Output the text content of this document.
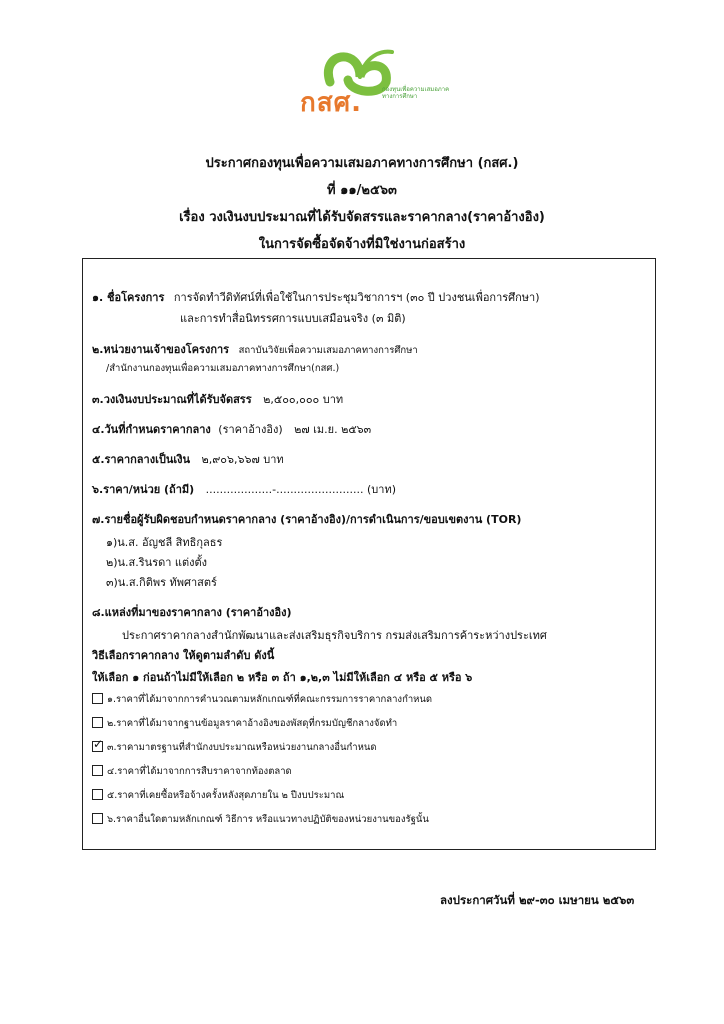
กสศ.	กองทุนเพื่อความเสมอภาคทางการศึกษา
ประกาศกองทุนเพื่อความเสมอภาคทางการศึกษา (กสศ.)
ที่ ๑๑/๒๕๖๓
เรื่อง วงเงินงบประมาณที่ได้รับจัดสรรและราคากลาง(ราคาอ้างอิง)
ในการจัดซื้อจัดจ้างที่มิใช่งานก่อสร้าง
๑. ชื่อโครงการ การจัดทำวีดิทัศน์ที่เพื่อใช้ในการประชุมวิชาการฯ (๓๐ ปี ปวงชนเพื่อการศึกษา)
และการทำสื่อนิทรรศการแบบเสมือนจริง (๓ มิติ)
๒.หน่วยงานเจ้าของโครงการ สถาบันวิจัยเพื่อความเสมอภาคทางการศึกษา
/สำนักงานกองทุนเพื่อความเสมอภาคทางการศึกษา(กสศ.)
๓.วงเงินงบประมาณที่ได้รับจัดสรร ๒,๕๐๐,๐๐๐ บาท
๔.วันที่กำหนดราคากลาง (ราคาอ้างอิง) ๒๗ เม.ย. ๒๕๖๓
๕.ราคากลางเป็นเงิน ๒,๙๐๖,๖๖๗ บาท
๖.ราคา/หน่วย (ถ้ามี) ...................-......................... (บาท)
๗.รายชื่อผู้รับผิดชอบกำหนดราคากลาง (ราคาอ้างอิง)/การดำเนินการ/ขอบเขตงาน (TOR)
๑)น.ส. อัญชลี สิทธิกุลธร
๒)น.ส.รินรดา แต่งตั้ง
๓)น.ส.กิติพร ทัพศาสตร์
๘.แหล่งที่มาของราคากลาง (ราคาอ้างอิง)
ประกาศราคากลางสำนักพัฒนาและส่งเสริมธุรกิจบริการ กรมส่งเสริมการค้าระหว่างประเทศ
วิธีเลือกราคากลาง ให้ดูตามลำดับ ดังนี้
ให้เลือก ๑ ก่อนถ้าไม่มีให้เลือก ๒ หรือ ๓ ถ้า ๑,๒,๓ ไม่มีให้เลือก ๔ หรือ ๕ หรือ ๖
๑.ราคาที่ได้มาจากการคำนวณตามหลักเกณฑ์ที่คณะกรรมการราคากลางกำหนด
๒.ราคาที่ได้มาจากฐานข้อมูลราคาอ้างอิงของพัสดุที่กรมบัญชีกลางจัดทำ
✓๓.ราคามาตรฐานที่สำนักงบประมาณหรือหน่วยงานกลางอื่นกำหนด
๔.ราคาที่ได้มาจากการสืบราคาจากท้องตลาด
๕.ราคาที่เคยซื้อหรือจ้างครั้งหลังสุดภายใน ๒ ปีงบประมาณ
๖.ราคาอื่นใดตามหลักเกณฑ์ วิธีการ หรือแนวทางปฏิบัติของหน่วยงานของรัฐนั้น
ลงประกาศวันที่ ๒๙-๓๐ เมษายน ๒๕๖๓
